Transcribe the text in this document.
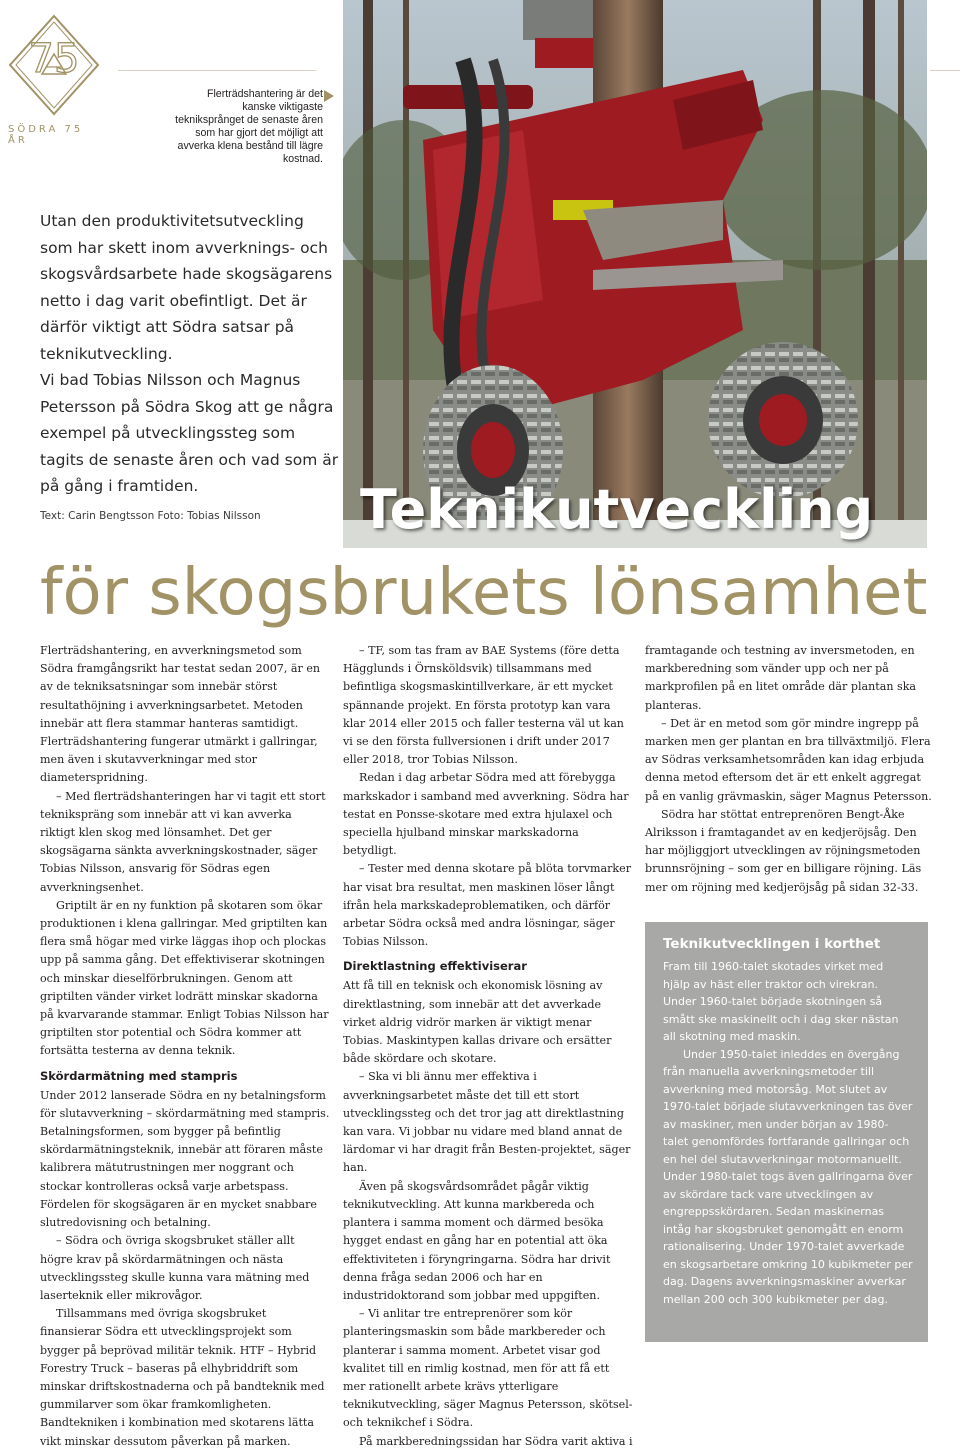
75
SÖDRA 75 ÅR
Flerträdshantering är det kanske viktigaste tekniksprånget de senaste åren som har gjort det möjligt att avverka klena bestånd till lägre kostnad.

Utan den produktivitetsutveckling som har skett inom avverknings- och skogsvårdsarbete hade skogsägarens netto i dag varit obefintligt. Det är därför viktigt att Södra satsar på teknikutveckling.

Vi bad Tobias Nilsson och Magnus Petersson på Södra Skog att ge några exempel på utvecklingssteg som tagits de senaste åren och vad som är på gång i framtiden.

Text: Carin Bengtsson Foto: Tobias Nilsson	Teknikutveckling
för skogsbrukets lönsamhet

Flerträdshantering, en avverkningsmetod som Södra framgångsrikt har testat sedan 2007, är en av de tekniksatsningar som innebär störst resultathöjning i avverkningsarbetet. Metoden innebär att flera stammar hanteras samtidigt. Flerträdshantering fungerar utmärkt i gallringar, men även i skutavverkningar med stor diameterspridning.

– Med flerträdshanteringen har vi tagit ett stort teknikspräng som innebär att vi kan avverka riktigt klen skog med lönsamhet. Det ger skogsägarna sänkta avverkningskostnader, säger Tobias Nilsson, ansvarig för Södras egen avverkningsenhet.

Griptilt är en ny funktion på skotaren som ökar produktionen i klena gallringar. Med griptilten kan flera små högar med virke läggas ihop och plockas upp på samma gång. Det effektiviserar skotningen och minskar dieselförbrukningen. Genom att griptilten vänder virket lodrätt minskar skadorna på kvarvarande stammar. Enligt Tobias Nilsson har griptilten stor potential och Södra kommer att fortsätta testerna av denna teknik.

Skördarmätning med stampris

Under 2012 lanserade Södra en ny betalningsform för slutavverkning – skördarmätning med stampris. Betalningsformen, som bygger på befintlig skördarmätningsteknik, innebär att föraren måste kalibrera mätutrustningen mer noggrant och stockar kontrolleras också varje arbetspass. Fördelen för skogsägaren är en mycket snabbare slutredovisning och betalning.

– Södra och övriga skogsbruket ställer allt högre krav på skördarmätningen och nästa utvecklingssteg skulle kunna vara mätning med laserteknik eller mikrovågor.

Tillsammans med övriga skogsbruket finansierar Södra ett utvecklingsprojekt som bygger på beprövad militär teknik. HTF – Hybrid Forestry Truck – baseras på elhybriddrift som minskar driftskostnaderna och på bandteknik med gummilarver som ökar framkomligheten. Bandtekniken i kombination med skotarens lätta vikt minskar dessutom påverkan på marken.

– TF, som tas fram av BAE Systems (före detta Hägglunds i Örnsköldsvik) tillsammans med befintliga skogsmaskintillverkare, är ett mycket spännande projekt. En första prototyp kan vara klar 2014 eller 2015 och faller testerna väl ut kan vi se den första fullversionen i drift under 2017 eller 2018, tror Tobias Nilsson.

Redan i dag arbetar Södra med att förebygga markskador i samband med avverkning. Södra har testat en Ponsse-skotare med extra hjulaxel och speciella hjulband minskar markskadorna betydligt.

– Tester med denna skotare på blöta torvmarker har visat bra resultat, men maskinen löser långt ifrån hela markskadeproblematiken, och därför arbetar Södra också med andra lösningar, säger Tobias Nilsson.

Direktlastning effektiviserar

Att få till en teknisk och ekonomisk lösning av direktlastning, som innebär att det avverkade virket aldrig vidrör marken är viktigt menar Tobias. Maskintypen kallas drivare och ersätter både skördare och skotare.

– Ska vi bli ännu mer effektiva i avverkningsarbetet måste det till ett stort utvecklingssteg och det tror jag att direktlastning kan vara. Vi jobbar nu vidare med bland annat de lärdomar vi har dragit från Besten-projektet, säger han.

Även på skogsvårdsområdet pågår viktig teknikutveckling. Att kunna markbereda och plantera i samma moment och därmed besöka hygget endast en gång har en potential att öka effektiviteten i föryngringarna. Södra har drivit denna fråga sedan 2006 och har en industridoktorand som jobbar med uppgiften.

– Vi anlitar tre entreprenörer som kör planteringsmaskin som både markbereder och planterar i samma moment. Arbetet visar god kvalitet till en rimlig kostnad, men för att få ett mer rationellt arbete krävs ytterligare teknikutveckling, säger Magnus Petersson, skötsel-och teknikchef i Södra.

På markberedningssidan har Södra varit aktiva i

framtagande och testning av inversmetoden, en markberedning som vänder upp och ner på markprofilen på en litet område där plantan ska planteras.

– Det är en metod som gör mindre ingrepp på marken men ger plantan en bra tillväxtmiljö. Flera av Södras verksamhetsområden kan idag erbjuda denna metod eftersom det är ett enkelt aggregat på en vanlig grävmaskin, säger Magnus Petersson.

Södra har stöttat entreprenören Bengt-Åke Alriksson i framtagandet av en kedjeröjsåg. Den har möjliggjort utvecklingen av röjningsmetoden brunnsröjning – som ger en billigare röjning. Läs mer om röjning med kedjeröjsåg på sidan 32-33.

Teknikutvecklingen i korthet

Fram till 1960-talet skotades virket med hjälp av häst eller traktor och virekran. Under 1960-talet började skotningen så smått ske maskinellt och i dag sker nästan all skotning med maskin.

Under 1950-talet inleddes en övergång från manuella avverkningsmetoder till avverkning med motorsåg. Mot slutet av 1970-talet började slutavverkningen tas över av maskiner, men under början av 1980-talet genomfördes fortfarande gallringar och en hel del slutavverkningar motormanuellt. Under 1980-talet togs även gallringarna över av skördare tack vare utvecklingen av engreppsskördaren. Sedan maskinernas intåg har skogsbruket genomgått en enorm rationalisering. Under 1970-talet avverkade en skogsarbetare omkring 10 kubikmeter per dag. Dagens avverkningsmaskiner avverkar mellan 200 och 300 kubikmeter per dag.
